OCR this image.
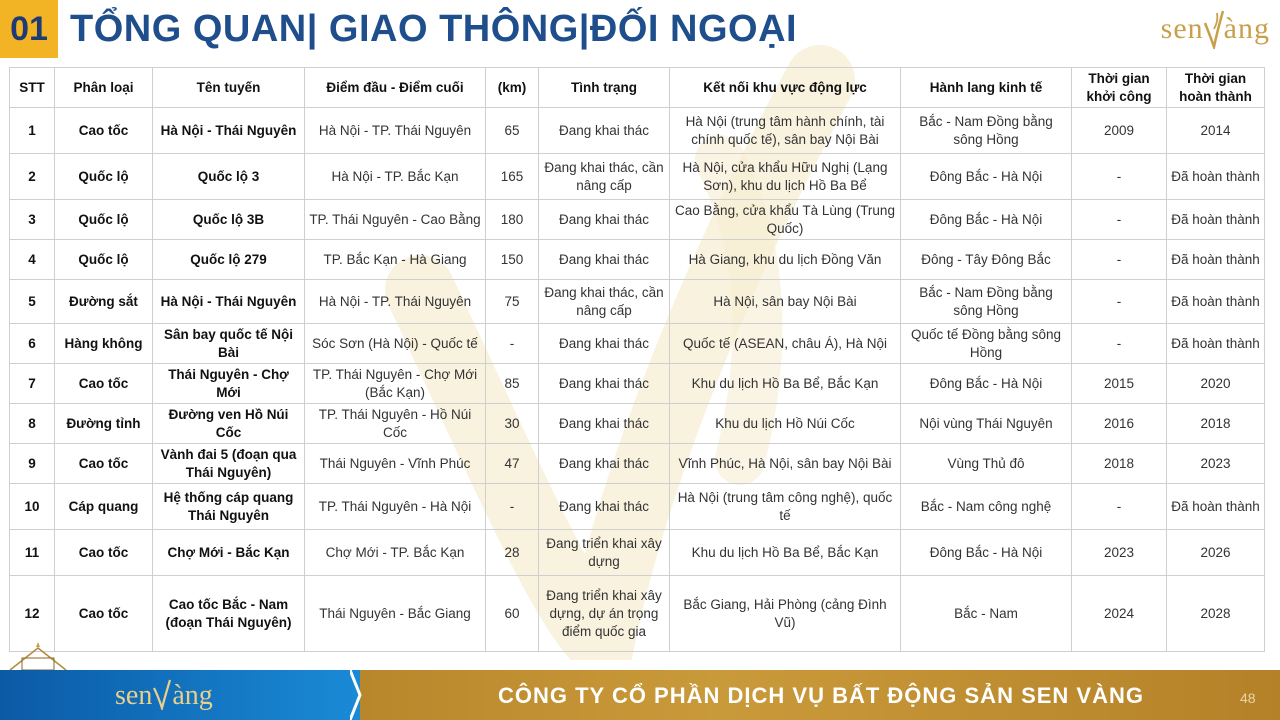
01 TỔNG QUAN| GIAO THÔNG|ĐỐI NGOẠI	sen àng
STT	Phân loại	Tên tuyến	Điểm đầu - Điểm cuối	(km)	Tình trạng	Kết nối khu vực động lực	Hành lang kinh tế	Thời gian khởi công	Thời gian hoàn thành
1	Cao tốc	Hà Nội - Thái Nguyên	Hà Nội - TP. Thái Nguyên	65	Đang khai thác	Hà Nội (trung tâm hành chính, tài chính quốc tế), sân bay Nội Bài	Bắc - Nam Đồng bằng sông Hồng	2009	2014
2	Quốc lộ	Quốc lộ 3	Hà Nội - TP. Bắc Kạn	165	Đang khai thác, cần nâng cấp	Hà Nội, cửa khẩu Hữu Nghị (Lạng Sơn), khu du lịch Hồ Ba Bể	Đông Bắc - Hà Nội	-	Đã hoàn thành
3	Quốc lộ	Quốc lộ 3B	TP. Thái Nguyên - Cao Bằng	180	Đang khai thác	Cao Bằng, cửa khẩu Tà Lùng (Trung Quốc)	Đông Bắc - Hà Nội	-	Đã hoàn thành
4	Quốc lộ	Quốc lộ 279	TP. Bắc Kạn - Hà Giang	150	Đang khai thác	Hà Giang, khu du lịch Đồng Văn	Đông - Tây Đông Bắc	-	Đã hoàn thành
5	Đường sắt	Hà Nội - Thái Nguyên	Hà Nội - TP. Thái Nguyên	75	Đang khai thác, cần nâng cấp	Hà Nội, sân bay Nội Bài	Bắc - Nam Đồng bằng sông Hồng	-	Đã hoàn thành
6	Hàng không	Sân bay quốc tế Nội Bài	Sóc Sơn (Hà Nội) - Quốc tế	-	Đang khai thác	Quốc tế (ASEAN, châu Á), Hà Nội	Quốc tế Đồng bằng sông Hồng	-	Đã hoàn thành
7	Cao tốc	Thái Nguyên - Chợ Mới	TP. Thái Nguyên - Chợ Mới (Bắc Kạn)	85	Đang khai thác	Khu du lịch Hồ Ba Bể, Bắc Kạn	Đông Bắc - Hà Nội	2015	2020
8	Đường tỉnh	Đường ven Hồ Núi Cốc	TP. Thái Nguyên - Hồ Núi Cốc	30	Đang khai thác	Khu du lịch Hồ Núi Cốc	Nội vùng Thái Nguyên	2016	2018
9	Cao tốc	Vành đai 5 (đoạn qua Thái Nguyên)	Thái Nguyên - Vĩnh Phúc	47	Đang khai thác	Vĩnh Phúc, Hà Nội, sân bay Nội Bài	Vùng Thủ đô	2018	2023
10	Cáp quang	Hệ thống cáp quang Thái Nguyên	TP. Thái Nguyên - Hà Nội	-	Đang khai thác	Hà Nội (trung tâm công nghệ), quốc tế	Bắc - Nam công nghệ	-	Đã hoàn thành
11	Cao tốc	Chợ Mới - Bắc Kạn	Chợ Mới - TP. Bắc Kạn	28	Đang triển khai xây dựng	Khu du lịch Hồ Ba Bể, Bắc Kạn	Đông Bắc - Hà Nội	2023	2026
12	Cao tốc	Cao tốc Bắc - Nam (đoạn Thái Nguyên)	Thái Nguyên - Bắc Giang	60	Đang triển khai xây dựng, dự án trọng điểm quốc gia	Bắc Giang, Hải Phòng (cảng Đình Vũ)	Bắc - Nam	2024	2028
sen àng	CÔNG TY CỔ PHẦN DỊCH VỤ BẤT ĐỘNG SẢN SEN VÀNG	48
